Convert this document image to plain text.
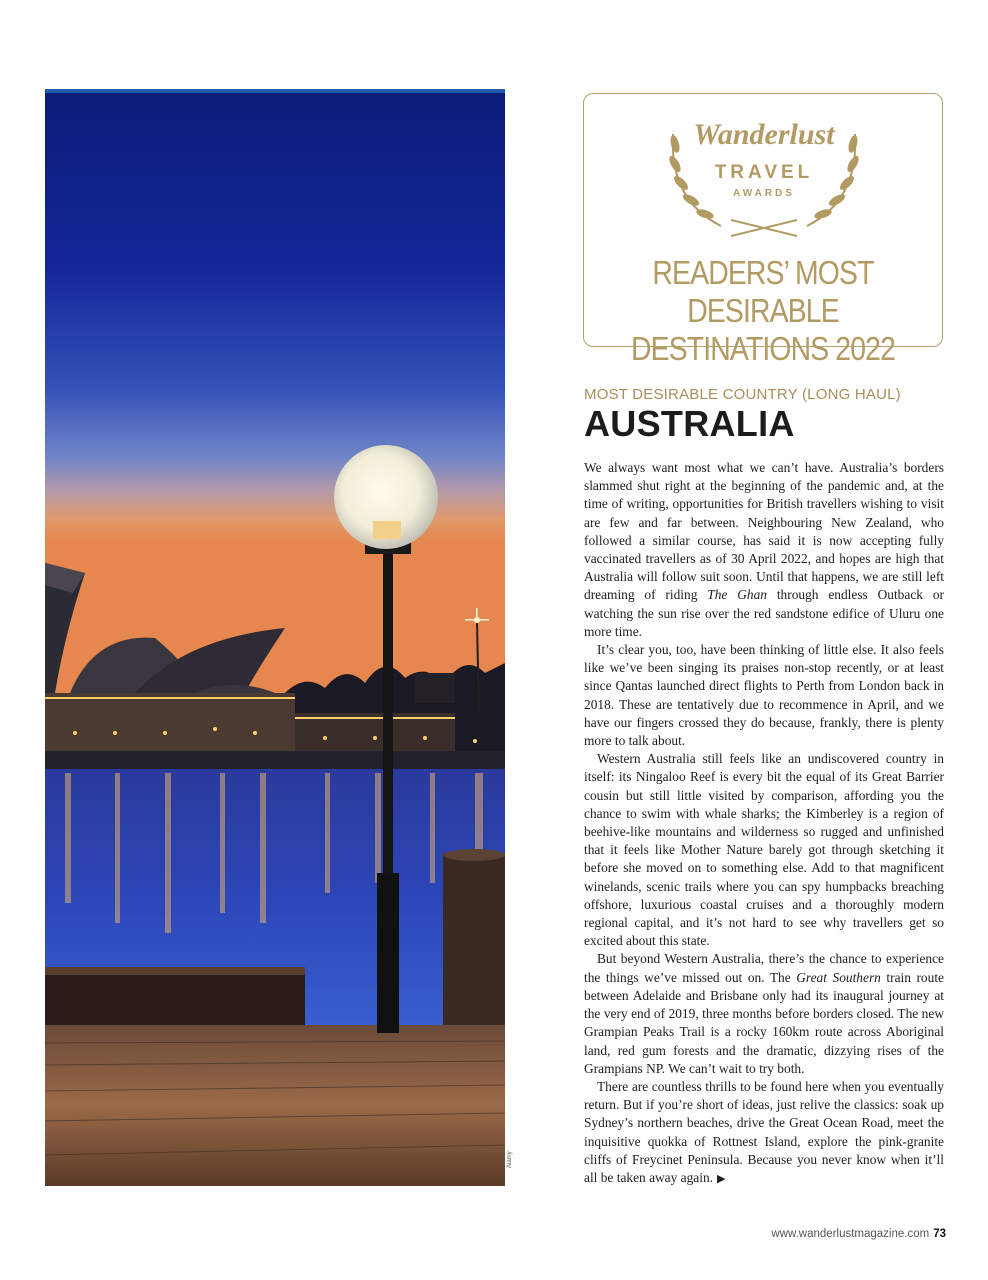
Alamy
Wanderlust
TRAVEL
AWARDS
READERS’ MOST DESIRABLE
DESTINATIONS 2022
MOST DESIRABLE COUNTRY (LONG HAUL)
AUSTRALIA

We always want most what we can’t have. Australia’s borders slammed shut right at the beginning of the pandemic and, at the time of writing, opportunities for British travellers wishing to visit are few and far between. Neighbouring New Zealand, who followed a similar course, has said it is now accepting fully vaccinated travellers as of 30 April 2022, and hopes are high that Australia will follow suit soon. Until that happens, we are still left dreaming of riding The Ghan through endless Outback or watching the sun rise over the red sandstone edifice of Uluru one more time.

It’s clear you, too, have been thinking of little else. It also feels like we’ve been singing its praises non-stop recently, or at least since Qantas launched direct flights to Perth from London back in 2018. These are tentatively due to recommence in April, and we have our fingers crossed they do because, frankly, there is plenty more to talk about.

Western Australia still feels like an undiscovered country in itself: its Ningaloo Reef is every bit the equal of its Great Barrier cousin but still little visited by comparison, affording you the chance to swim with whale sharks; the Kimberley is a region of beehive-like mountains and wilderness so rugged and unfinished that it feels like Mother Nature barely got through sketching it before she moved on to something else. Add to that magnificent winelands, scenic trails where you can spy humpbacks breaching offshore, luxurious coastal cruises and a thoroughly modern regional capital, and it’s not hard to see why travellers get so excited about this state.

But beyond Western Australia, there’s the chance to experience the things we’ve missed out on. The Great Southern train route between Adelaide and Brisbane only had its inaugural journey at the very end of 2019, three months before borders closed. The new Grampian Peaks Trail is a rocky 160km route across Aboriginal land, red gum forests and the dramatic, dizzying rises of the Grampians NP. We can’t wait to try both.

There are countless thrills to be found here when you eventually return. But if you’re short of ideas, just relive the classics: soak up Sydney’s northern beaches, drive the Great Ocean Road, meet the inquisitive quokka of Rottnest Island, explore the pink-granite cliffs of Freycinet Peninsula. Because you never know when it’ll all be taken away again. ▶

www.wanderlustmagazine.com 73
